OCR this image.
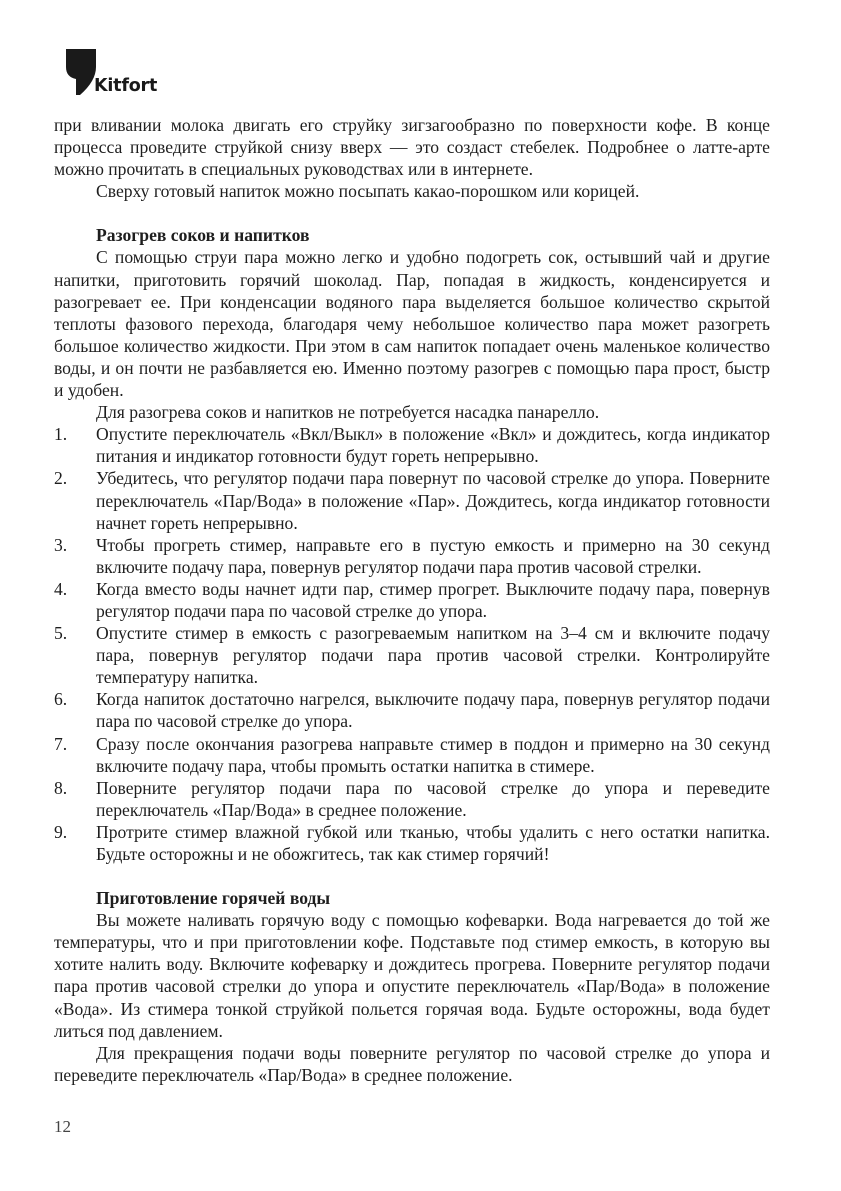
Kitfort

при вливании молока двигать его струйку зигзагообразно по поверхности кофе. В конце процесса проведите струйкой снизу вверх — это создаст стебелек. Подробнее о латте-арте можно прочитать в специальных руководствах или в интернете.

Сверху готовый напиток можно посыпать какао-порошком или корицей.

Разогрев соков и напитков

С помощью струи пара можно легко и удобно подогреть сок, остывший чай и другие напитки, приготовить горячий шоколад. Пар, попадая в жидкость, конденсируется и разогревает ее. При конденсации водяного пара выделяется большое количество скрытой теплоты фазового перехода, благодаря чему небольшое количество пара может разогреть большое количество жидкости. При этом в сам напиток попадает очень маленькое количество воды, и он почти не разбавляется ею. Именно поэтому разогрев с помощью пара прост, быстр и удобен.

Для разогрева соков и напитков не потребуется насадка панарелло.

1.	Опустите переключатель «Вкл/Выкл» в положение «Вкл» и дождитесь, когда индикатор питания и индикатор готовности будут гореть непрерывно.
2.	Убедитесь, что регулятор подачи пара повернут по часовой стрелке до упора. Поверните переключатель «Пар/Вода» в положение «Пар». Дождитесь, когда индикатор готовности начнет гореть непрерывно.
3.	Чтобы прогреть стимер, направьте его в пустую емкость и примерно на 30 секунд включите подачу пара, повернув регулятор подачи пара против часовой стрелки.
4.	Когда вместо воды начнет идти пар, стимер прогрет. Выключите подачу пара, повернув регулятор подачи пара по часовой стрелке до упора.
5.	Опустите стимер в емкость с разогреваемым напитком на 3–4 см и включите подачу пара, повернув регулятор подачи пара против часовой стрелки. Контролируйте температуру напитка.
6.	Когда напиток достаточно нагрелся, выключите подачу пара, повернув регулятор подачи пара по часовой стрелке до упора.
7.	Сразу после окончания разогрева направьте стимер в поддон и примерно на 30 секунд включите подачу пара, чтобы промыть остатки напитка в стимере.
8.	Поверните регулятор подачи пара по часовой стрелке до упора и переведите переключатель «Пар/Вода» в среднее положение.
9.	Протрите стимер влажной губкой или тканью, чтобы удалить с него остатки напитка. Будьте осторожны и не обожгитесь, так как стимер горячий!
Приготовление горячей воды

Вы можете наливать горячую воду с помощью кофеварки. Вода нагревается до той же температуры, что и при приготовлении кофе. Подставьте под стимер емкость, в которую вы хотите налить воду. Включите кофеварку и дождитесь прогрева. Поверните регулятор подачи пара против часовой стрелки до упора и опустите переключатель «Пар/Вода» в положение «Вода». Из стимера тонкой струйкой польется горячая вода. Будьте осторожны, вода будет литься под давлением.

Для прекращения подачи воды поверните регулятор по часовой стрелке до упора и переведите переключатель «Пар/Вода» в среднее положение.

12
